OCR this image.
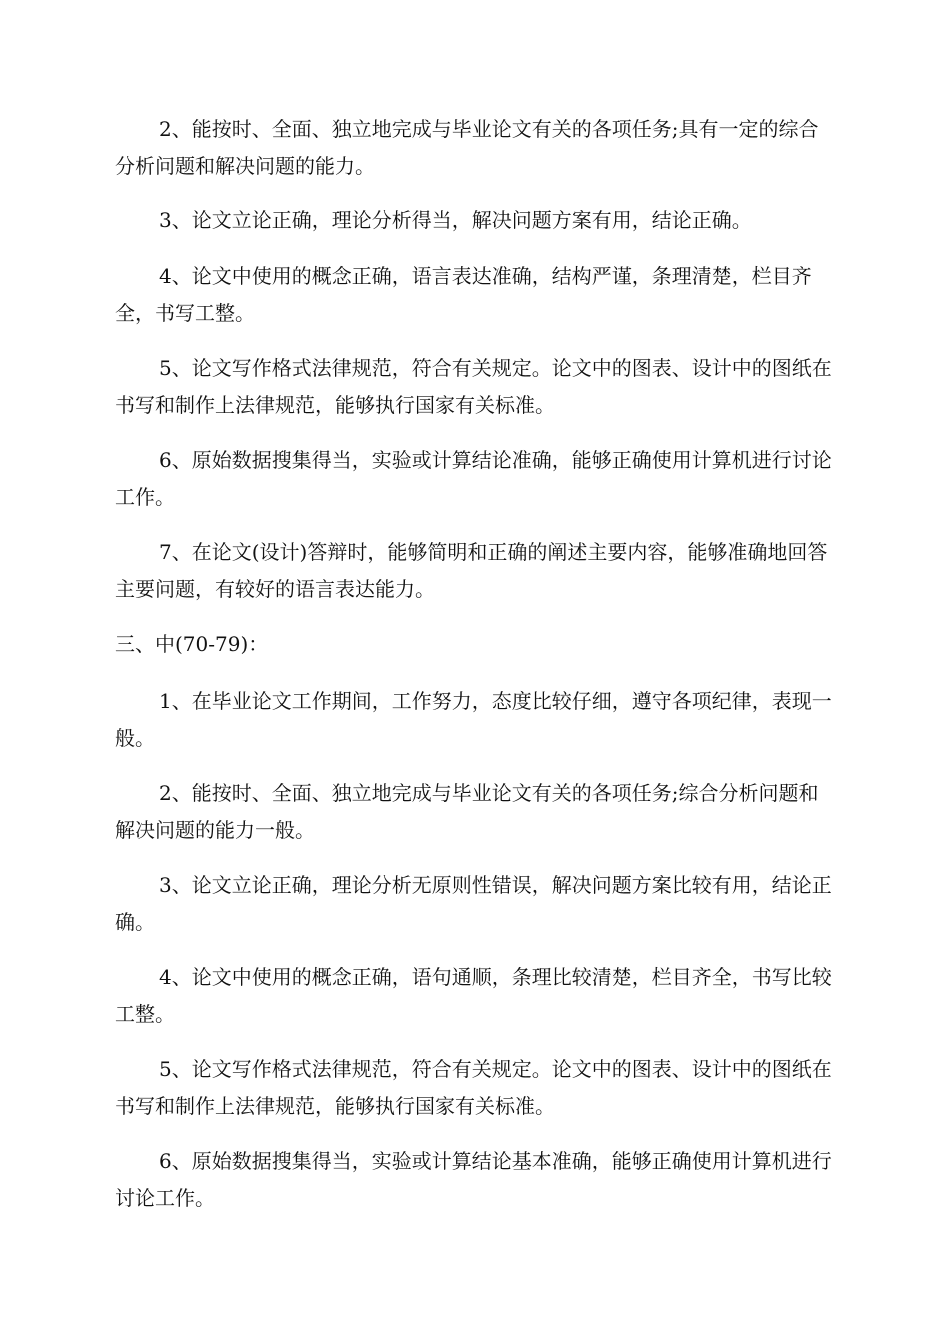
2、能按时、全面、独立地完成与毕业论文有关的各项任务;具有一定的综合分析问题和解决问题的能力。

3、论文立论正确，理论分析得当，解决问题方案有用，结论正确。

4、论文中使用的概念正确，语言表达准确，结构严谨，条理清楚，栏目齐全，书写工整。

5、论文写作格式法律规范，符合有关规定。论文中的图表、设计中的图纸在书写和制作上法律规范，能够执行国家有关标准。

6、原始数据搜集得当，实验或计算结论准确，能够正确使用计算机进行讨论工作。

7、在论文(设计)答辩时，能够简明和正确的阐述主要内容，能够准确地回答主要问题，有较好的语言表达能力。

三、中(70-79)：

1、在毕业论文工作期间，工作努力，态度比较仔细，遵守各项纪律，表现一般。

2、能按时、全面、独立地完成与毕业论文有关的各项任务;综合分析问题和解决问题的能力一般。

3、论文立论正确，理论分析无原则性错误，解决问题方案比较有用，结论正确。

4、论文中使用的概念正确，语句通顺，条理比较清楚，栏目齐全，书写比较工整。

5、论文写作格式法律规范，符合有关规定。论文中的图表、设计中的图纸在书写和制作上法律规范，能够执行国家有关标准。

6、原始数据搜集得当，实验或计算结论基本准确，能够正确使用计算机进行讨论工作。
